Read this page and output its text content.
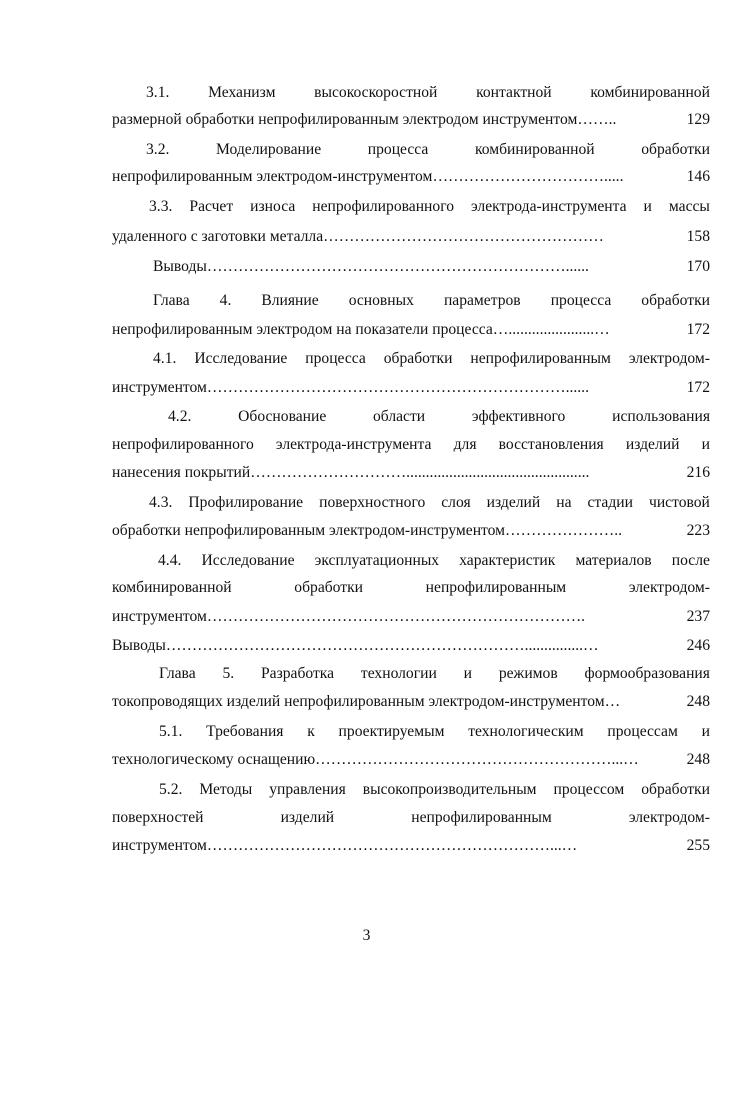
3.1. Механизм высокоскоростной контактной комбинированной
размерной обработки непрофилированным электродом инструментом ……..	129
3.2.	Моделирование	процесса	комбинированной	обработки
непрофилированным электродом-инструментом …………………………….....	146
3.3. Расчет износа непрофилированного электрода-инструмента и массы
удаленного с заготовки металла ………………………………………………	158
Выводы ……………………………………………………………......	170
Глава 4. Влияние основных параметров процесса обработки
непрофилированным электродом на показатели процесса …......................…	172
4.1. Исследование процесса обработки непрофилированным электродом-
инструментом ……………………………………………………………......	172
4.2.	Обоснование	области	эффективного	использования
непрофилированного электрода-инструмента для восстановления изделий и
нанесения покрытий …………………………...............................................	216
4.3. Профилирование поверхностного слоя изделий на стадии чистовой
обработки непрофилированным электродом-инструментом …………………..	223
4.4. Исследование эксплуатационных характеристик материалов после
комбинированной	обработки	непрофилированным	электродом-
инструментом ……………………………………………………………….	237
Выводы ……………………………………………………………...............…	246
Глава 5. Разработка технологии и режимов формообразования
токопроводящих изделий непрофилированным электродом-инструментом …	248
5.1. Требования к проектируемым технологическим процессам и
технологическому оснащению …………………………………………………...…	248
5.2. Методы управления высокопроизводительным процессом обработки
поверхностей	изделий	непрофилированным	электродом-
инструментом …………………………………………………………...…	255
3
